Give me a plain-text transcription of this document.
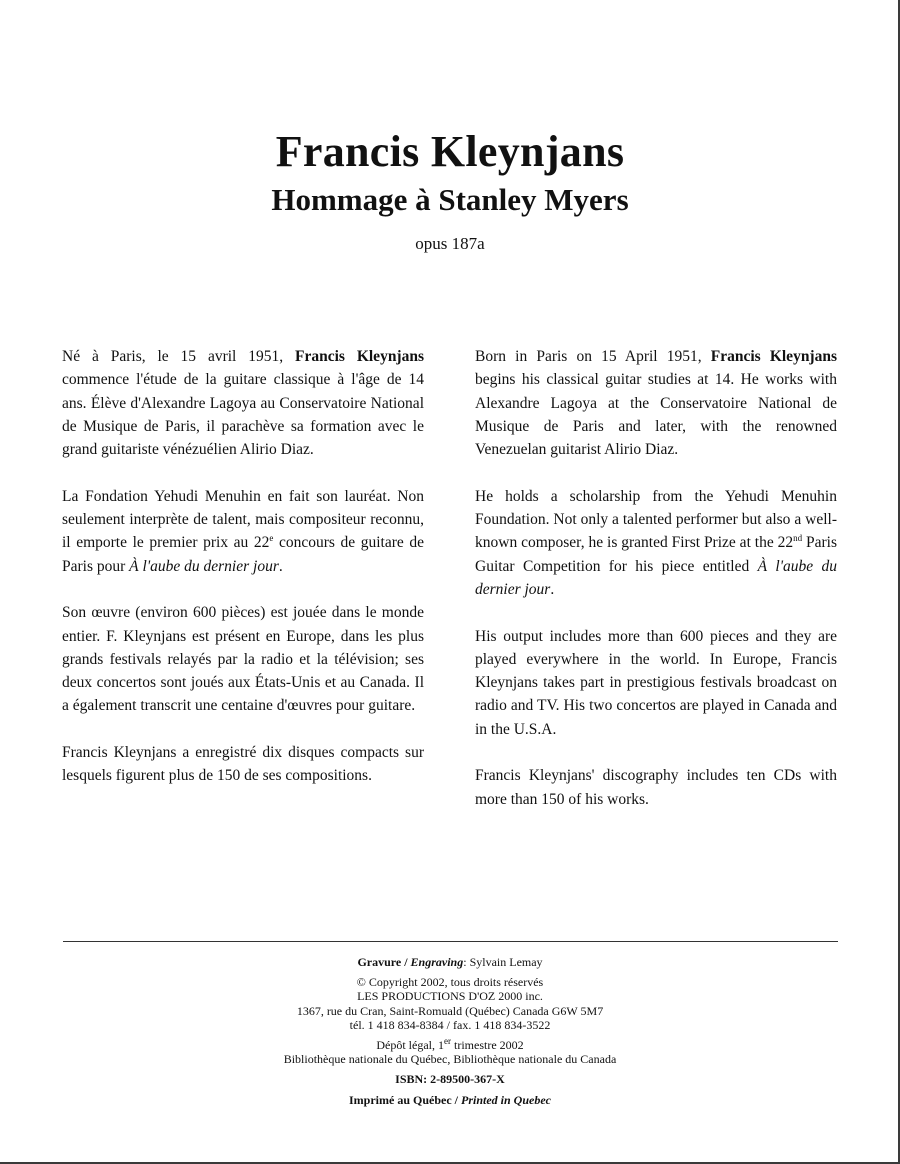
Francis Kleynjans
Hommage à Stanley Myers
opus 187a

Né à Paris, le 15 avril 1951, Francis Kleynjans commence l'étude de la guitare classique à l'âge de 14 ans. Élève d'Alexandre Lagoya au Conservatoire National de Musique de Paris, il parachève sa formation avec le grand guitariste vénézuélien Alirio Diaz.

La Fondation Yehudi Menuhin en fait son lauréat. Non seulement interprète de talent, mais compositeur reconnu, il emporte le premier prix au 22e concours de guitare de Paris pour À l'aube du dernier jour.

Son œuvre (environ 600 pièces) est jouée dans le monde entier. F. Kleynjans est présent en Europe, dans les plus grands festivals relayés par la radio et la télévision; ses deux concertos sont joués aux États-Unis et au Canada. Il a également transcrit une centaine d'œuvres pour guitare.

Francis Kleynjans a enregistré dix disques compacts sur lesquels figurent plus de 150 de ses compositions.

Born in Paris on 15 April 1951, Francis Kleynjans begins his classical guitar studies at 14. He works with Alexandre Lagoya at the Conservatoire National de Musique de Paris and later, with the renowned Venezuelan guitarist Alirio Diaz.

He holds a scholarship from the Yehudi Menuhin Foundation. Not only a talented performer but also a well-known composer, he is granted First Prize at the 22nd Paris Guitar Competition for his piece entitled À l'aube du dernier jour.

His output includes more than 600 pieces and they are played everywhere in the world. In Europe, Francis Kleynjans takes part in prestigious festivals broadcast on radio and TV. His two concertos are played in Canada and in the U.S.A.

Francis Kleynjans' discography includes ten CDs with more than 150 of his works.

Gravure / Engraving: Sylvain Lemay
© Copyright 2002, tous droits réservés
LES PRODUCTIONS D'OZ 2000 inc.
1367, rue du Cran, Saint-Romuald (Québec) Canada G6W 5M7
tél. 1 418 834-8384 / fax. 1 418 834-3522
Dépôt légal, 1er trimestre 2002
Bibliothèque nationale du Québec, Bibliothèque nationale du Canada
ISBN: 2-89500-367-X
Imprimé au Québec / Printed in Quebec
